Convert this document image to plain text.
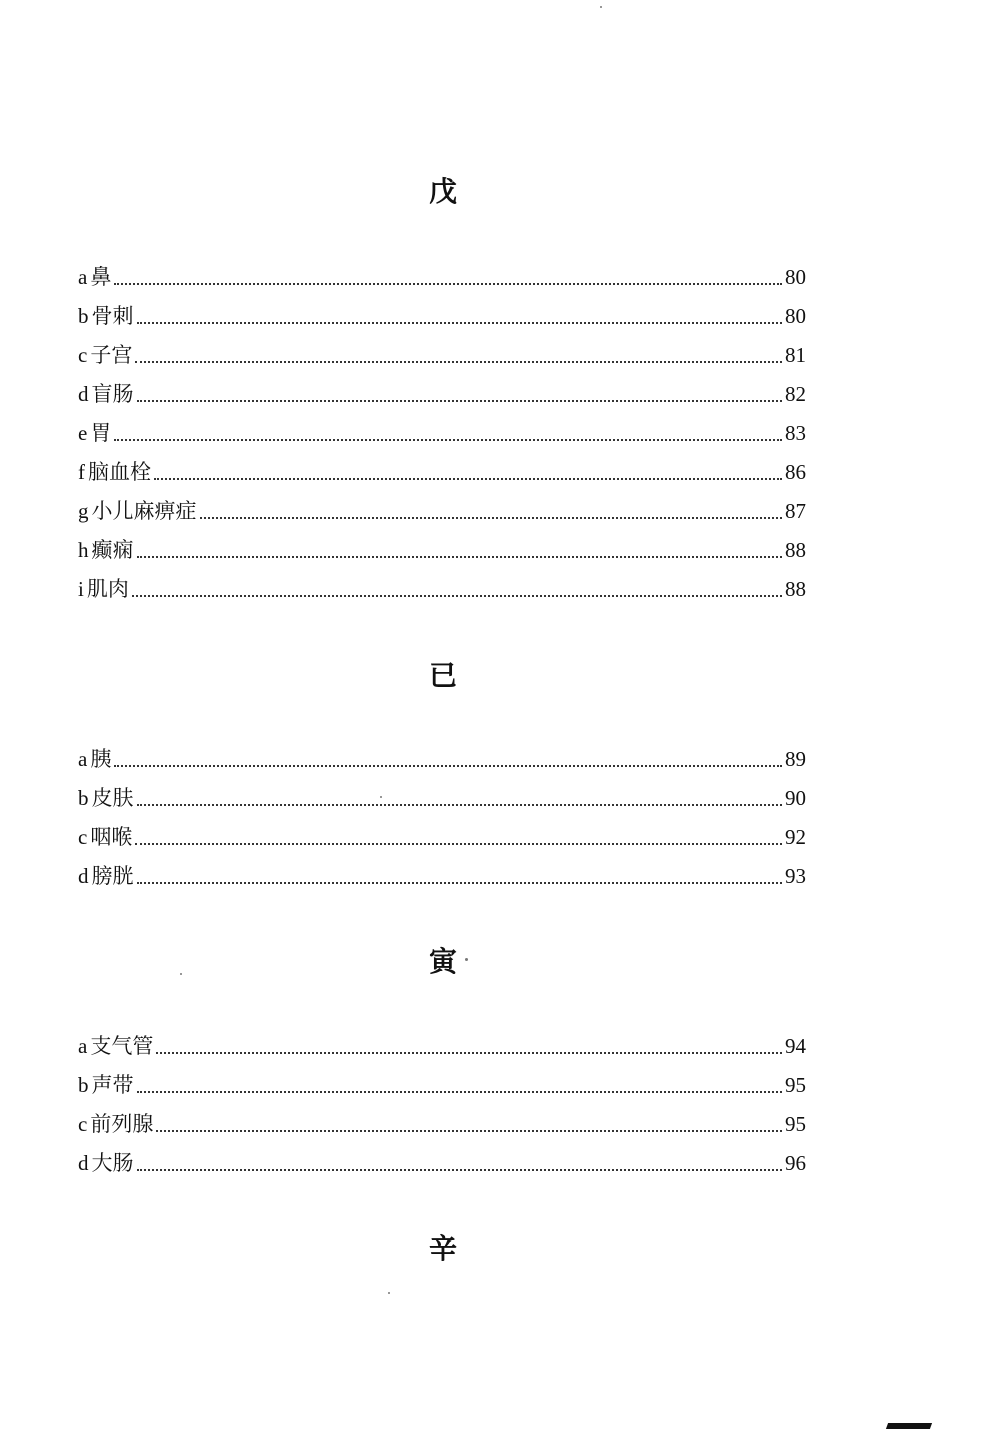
戊
a 鼻	80
b 骨刺	80
c 子宫	81
d 盲肠	82
e 胃	83
f 脑血栓	86
g 小儿麻痹症	87
h 癫痫	88
i 肌肉	88
已
a 胰	89
b 皮肤	90
c 咽喉	92
d 膀胱	93
寅
a 支气管	94
b 声带	95
c 前列腺	95
d 大肠	96
辛
